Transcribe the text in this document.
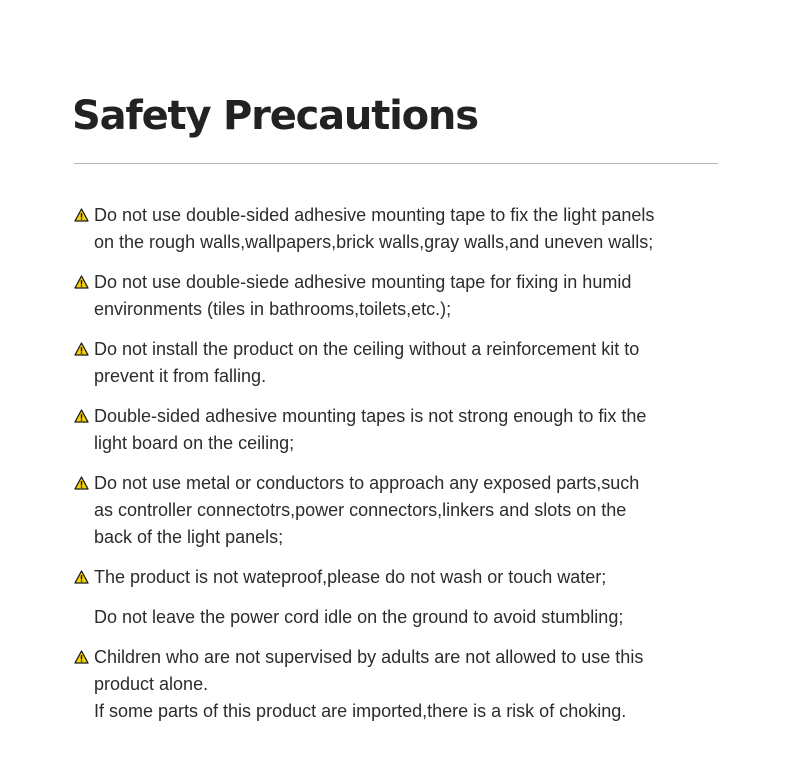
Safety Precautions
Do not use double-sided adhesive mounting tape to fix the light panels
on the rough walls,wallpapers,brick walls,gray walls,and uneven walls;
Do not use double-siede adhesive mounting tape for fixing in humid
environments (tiles in bathrooms,toilets,etc.);
Do not install the product on the ceiling without a reinforcement kit to
prevent it from falling.
Double-sided adhesive mounting tapes is not strong enough to fix the
light board on the ceiling;
Do not use metal or conductors to approach any exposed parts,such
as controller connectotrs,power connectors,linkers and slots on the
back of the light panels;
The product is not wateproof,please do not wash or touch water;
Do not leave the power cord idle on the ground to avoid stumbling;
Children who are not supervised by adults are not allowed to use this
product alone.
If some parts of this product are imported,there is a risk of choking.
